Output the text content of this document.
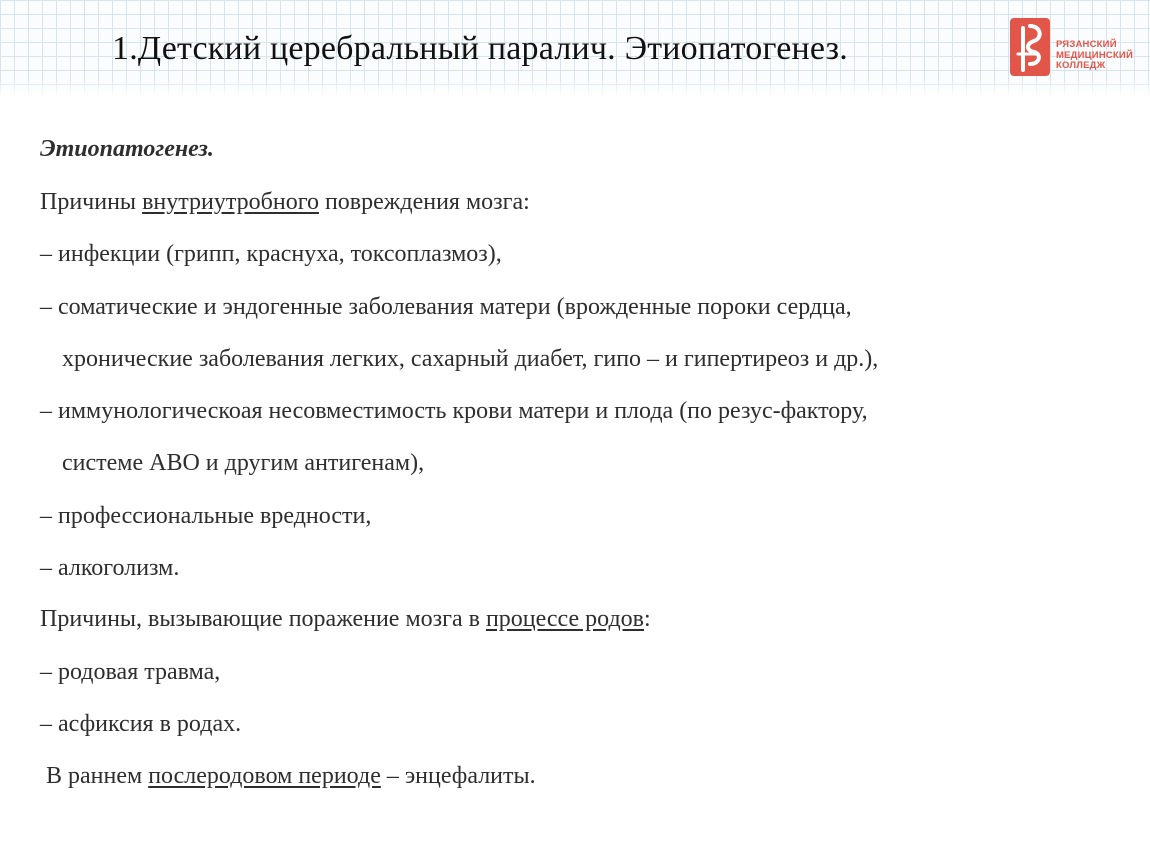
1.Детский церебральный паралич. Этиопатогенез.	РЯЗАНСКИЙ
МЕДИЦИНСКИЙ
КОЛЛЕДЖ
Этиопатогенез.
Причины внутриутробного повреждения мозга:
– инфекции (грипп, краснуха, токсоплазмоз),
– соматические и эндогенные заболевания матери (врожденные пороки сердца,
хронические заболевания легких, сахарный диабет, гипо – и гипертиреоз и др.),
– иммунологическоая несовместимость крови матери и плода (по резус-фактору,
системе АВО и другим антигенам),
– профессиональные вредности,
– алкоголизм.
Причины, вызывающие поражение мозга в процессе родов:
– родовая травма,
– асфиксия в родах.
В раннем послеродовом периоде – энцефалиты.
